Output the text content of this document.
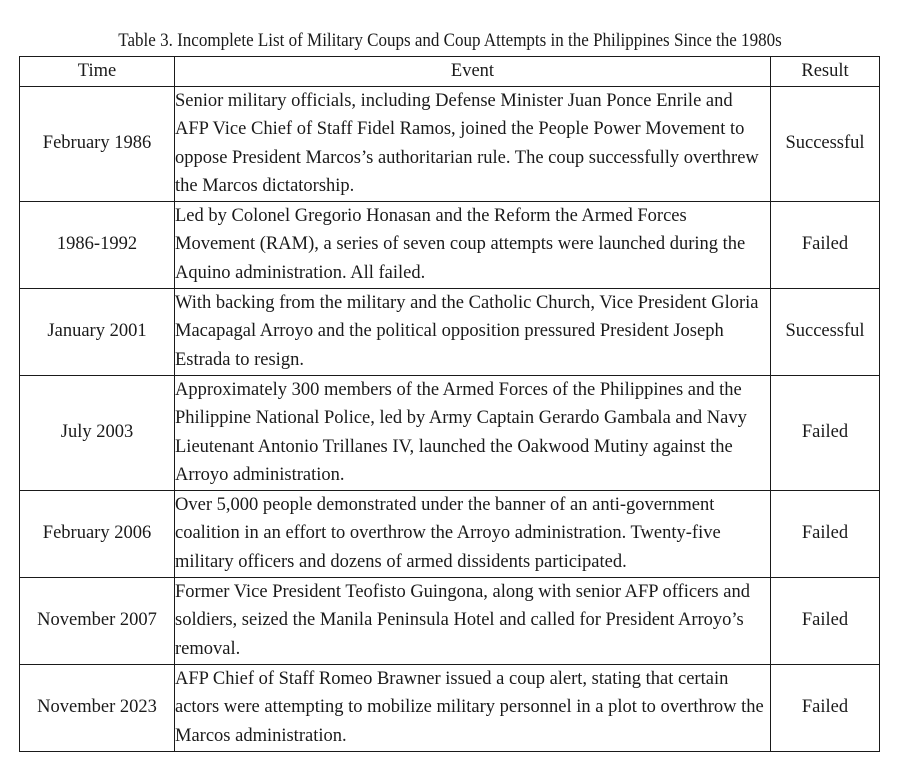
Table 3. Incomplete List of Military Coups and Coup Attempts in the Philippines Since the 1980s
Time	Event	Result
February 1986	Senior military officials, including Defense Minister Juan Ponce Enrile and AFP Vice Chief of Staff Fidel Ramos, joined the People Power Movement to oppose President Marcos’s authoritarian rule. The coup successfully overthrew the Marcos dictatorship.	Successful
1986-1992	Led by Colonel Gregorio Honasan and the Reform the Armed Forces Movement (RAM), a series of seven coup attempts were launched during the Aquino administration. All failed.	Failed
January 2001	With backing from the military and the Catholic Church, Vice President Gloria Macapagal Arroyo and the political opposition pressured President Joseph Estrada to resign.	Successful
July 2003	Approximately 300 members of the Armed Forces of the Philippines and the Philippine National Police, led by Army Captain Gerardo Gambala and Navy Lieutenant Antonio Trillanes IV, launched the Oakwood Mutiny against the Arroyo administration.	Failed
February 2006	Over 5,000 people demonstrated under the banner of an anti-government coalition in an effort to overthrow the Arroyo administration. Twenty-five military officers and dozens of armed dissidents participated.	Failed
November 2007	Former Vice President Teofisto Guingona, along with senior AFP officers and soldiers, seized the Manila Peninsula Hotel and called for President Arroyo’s removal.	Failed
November 2023	AFP Chief of Staff Romeo Brawner issued a coup alert, stating that certain actors were attempting to mobilize military personnel in a plot to overthrow the Marcos administration.	Failed
